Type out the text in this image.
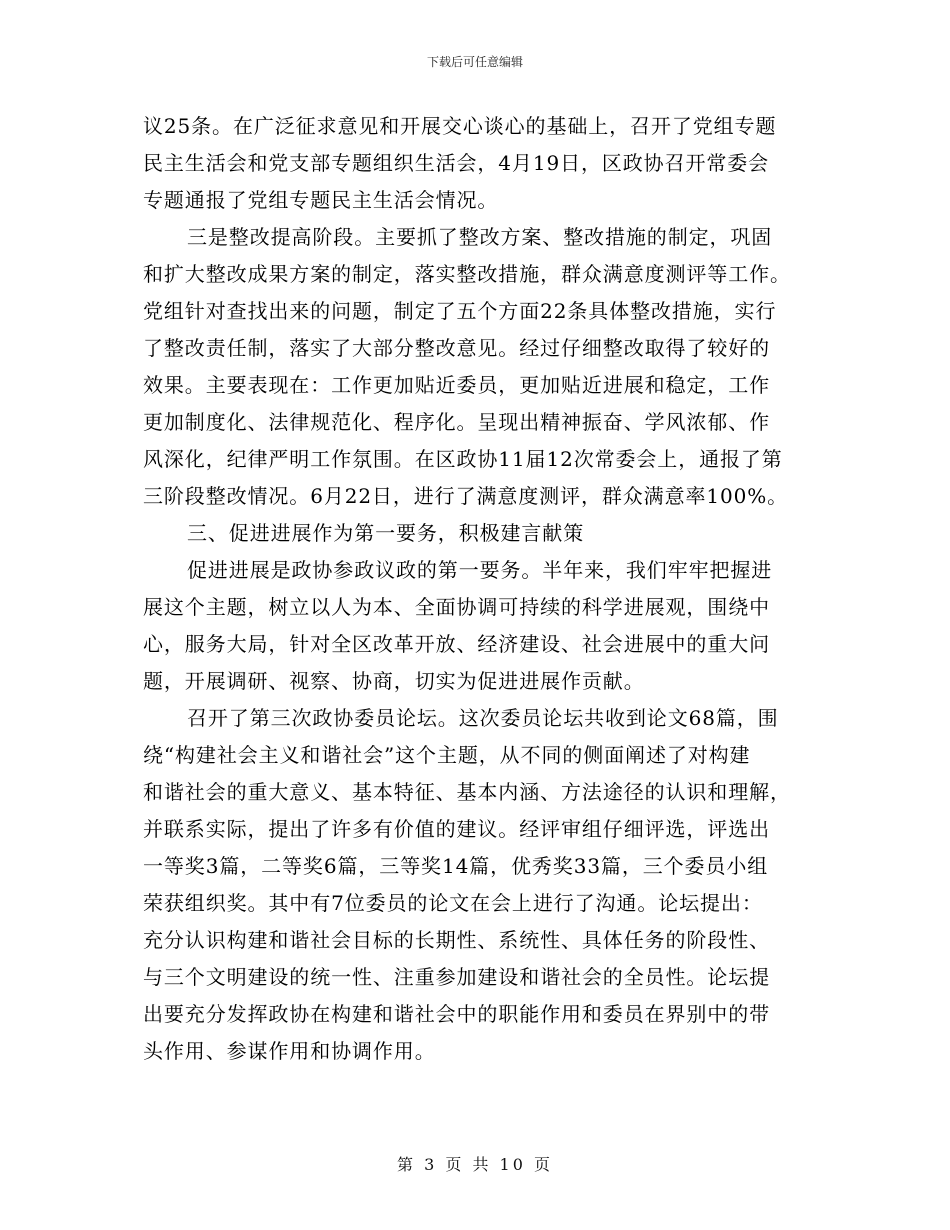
下载后可任意编辑
议25条。在广泛征求意见和开展交心谈心的基础上，召开了党组专题
民主生活会和党支部专题组织生活会，4月19日，区政协召开常委会
专题通报了党组专题民主生活会情况。
三是整改提高阶段。主要抓了整改方案、整改措施的制定，巩固
和扩大整改成果方案的制定，落实整改措施，群众满意度测评等工作。
党组针对查找出来的问题，制定了五个方面22条具体整改措施，实行
了整改责任制，落实了大部分整改意见。经过仔细整改取得了较好的
效果。主要表现在：工作更加贴近委员，更加贴近进展和稳定，工作
更加制度化、法律规范化、程序化。呈现出精神振奋、学风浓郁、作
风深化，纪律严明工作氛围。在区政协11届12次常委会上，通报了第
三阶段整改情况。6月22日，进行了满意度测评，群众满意率100%。
三、促进进展作为第一要务，积极建言献策
促进进展是政协参政议政的第一要务。半年来，我们牢牢把握进
展这个主题，树立以人为本、全面协调可持续的科学进展观，围绕中
心，服务大局，针对全区改革开放、经济建设、社会进展中的重大问
题，开展调研、视察、协商，切实为促进进展作贡献。
召开了第三次政协委员论坛。这次委员论坛共收到论文68篇，围
绕“构建社会主义和谐社会”这个主题，从不同的侧面阐述了对构建
和谐社会的重大意义、基本特征、基本内涵、方法途径的认识和理解，
并联系实际，提出了许多有价值的建议。经评审组仔细评选，评选出
一等奖3篇，二等奖6篇，三等奖14篇，优秀奖33篇，三个委员小组
荣获组织奖。其中有7位委员的论文在会上进行了沟通。论坛提出：
充分认识构建和谐社会目标的长期性、系统性、具体任务的阶段性、
与三个文明建设的统一性、注重参加建设和谐社会的全员性。论坛提
出要充分发挥政协在构建和谐社会中的职能作用和委员在界别中的带
头作用、参谋作用和协调作用。
第 3 页 共 10 页
